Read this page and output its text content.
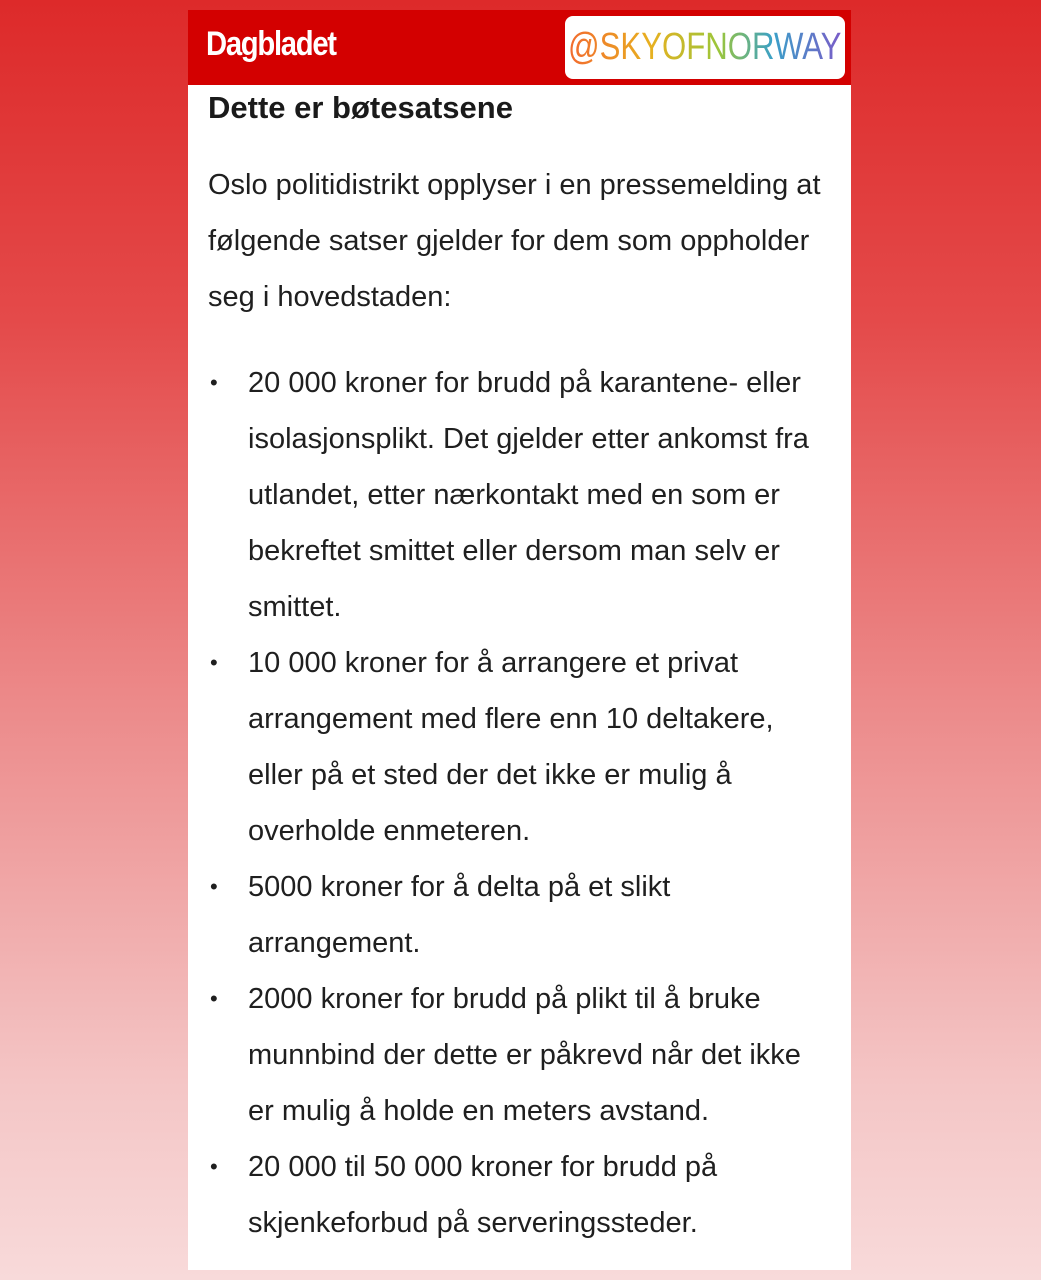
Dagbladet	@SKYOFNORWAY
Dette er bøtesatsene

Oslo politidistrikt opplyser i en pressemelding at følgende satser gjelder for dem som oppholder seg i hovedstaden:

•	20 000 kroner for brudd på karantene- eller isolasjonsplikt. Det gjelder etter ankomst fra utlandet, etter nærkontakt med en som er bekreftet smittet eller dersom man selv er smittet.
•	10 000 kroner for å arrangere et privat arrangement med flere enn 10 deltakere, eller på et sted der det ikke er mulig å overholde enmeteren.
•	5000 kroner for å delta på et slikt arrangement.
•	2000 kroner for brudd på plikt til å bruke munnbind der dette er påkrevd når det ikke er mulig å holde en meters avstand.
•	20 000 til 50 000 kroner for brudd på skjenkeforbud på serveringssteder.
